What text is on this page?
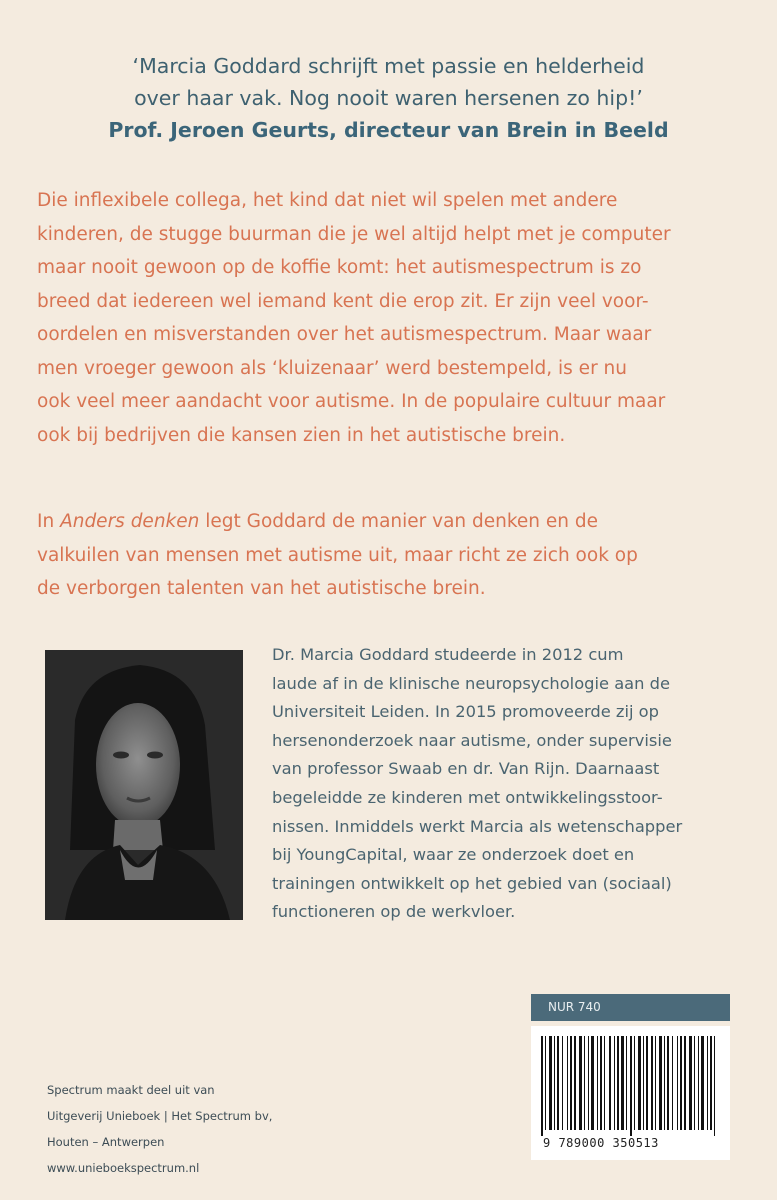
‘Marcia Goddard schrijft met passie en helderheid
over haar vak. Nog nooit waren hersenen zo hip!’
Prof. Jeroen Geurts, directeur van Brein in Beeld
Die inflexibele collega, het kind dat niet wil spelen met andere
kinderen, de stugge buurman die je wel altijd helpt met je computer
maar nooit gewoon op de koffie komt: het autismespectrum is zo
breed dat iedereen wel iemand kent die erop zit. Er zijn veel voor-
oordelen en misverstanden over het autismespectrum. Maar waar
men vroeger gewoon als ‘kluizenaar’ werd bestempeld, is er nu
ook veel meer aandacht voor autisme. In de populaire cultuur maar
ook bij bedrijven die kansen zien in het autistische brein.
In Anders denken legt Goddard de manier van denken en de
valkuilen van mensen met autisme uit, maar richt ze zich ook op
de verborgen talenten van het autistische brein.
Dr. Marcia Goddard studeerde in 2012 cum
laude af in de klinische neuropsychologie aan de
Universiteit Leiden. In 2015 promoveerde zij op
hersenonderzoek naar autisme, onder supervisie
van professor Swaab en dr. Van Rijn. Daarnaast
begeleidde ze kinderen met ontwikkelingsstoor-
nissen. Inmiddels werkt Marcia als wetenschapper
bij YoungCapital, waar ze onderzoek doet en
trainingen ontwikkelt op het gebied van (sociaal)
functioneren op de werkvloer.
Spectrum maakt deel uit van
Uitgeverij Unieboek | Het Spectrum bv,
Houten – Antwerpen
www.unieboekspectrum.nl
NUR 740
9 789000 350513
